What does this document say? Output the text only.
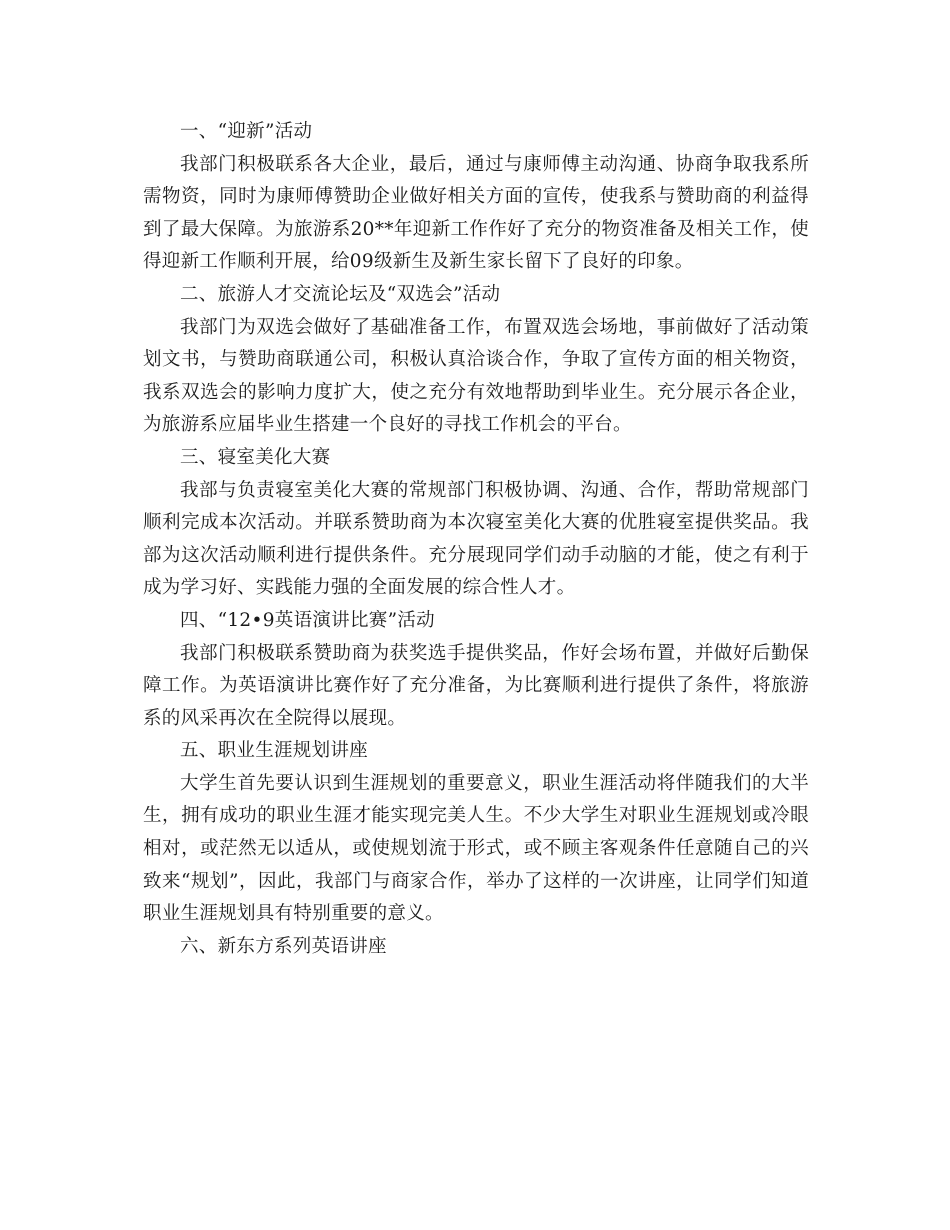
一、“迎新”活动

我部门积极联系各大企业，最后，通过与康师傅主动沟通、协商争取我系所需物资，同时为康师傅赞助企业做好相关方面的宣传，使我系与赞助商的利益得到了最大保障。为旅游系20**年迎新工作作好了充分的物资准备及相关工作，使得迎新工作顺利开展，给09级新生及新生家长留下了良好的印象。

二、旅游人才交流论坛及“双选会”活动

我部门为双选会做好了基础准备工作，布置双选会场地，事前做好了活动策划文书，与赞助商联通公司，积极认真洽谈合作，争取了宣传方面的相关物资，我系双选会的影响力度扩大，使之充分有效地帮助到毕业生。充分展示各企业，为旅游系应届毕业生搭建一个良好的寻找工作机会的平台。

三、寝室美化大赛

我部与负责寝室美化大赛的常规部门积极协调、沟通、合作，帮助常规部门顺利完成本次活动。并联系赞助商为本次寝室美化大赛的优胜寝室提供奖品。我部为这次活动顺利进行提供条件。充分展现同学们动手动脑的才能，使之有利于成为学习好、实践能力强的全面发展的综合性人才。

四、“12•9英语演讲比赛”活动

我部门积极联系赞助商为获奖选手提供奖品，作好会场布置，并做好后勤保障工作。为英语演讲比赛作好了充分准备，为比赛顺利进行提供了条件，将旅游系的风采再次在全院得以展现。

五、职业生涯规划讲座

大学生首先要认识到生涯规划的重要意义，职业生涯活动将伴随我们的大半生，拥有成功的职业生涯才能实现完美人生。不少大学生对职业生涯规划或冷眼相对，或茫然无以适从，或使规划流于形式，或不顾主客观条件任意随自己的兴致来“规划”，因此，我部门与商家合作，举办了这样的一次讲座，让同学们知道职业生涯规划具有特别重要的意义。

六、新东方系列英语讲座
